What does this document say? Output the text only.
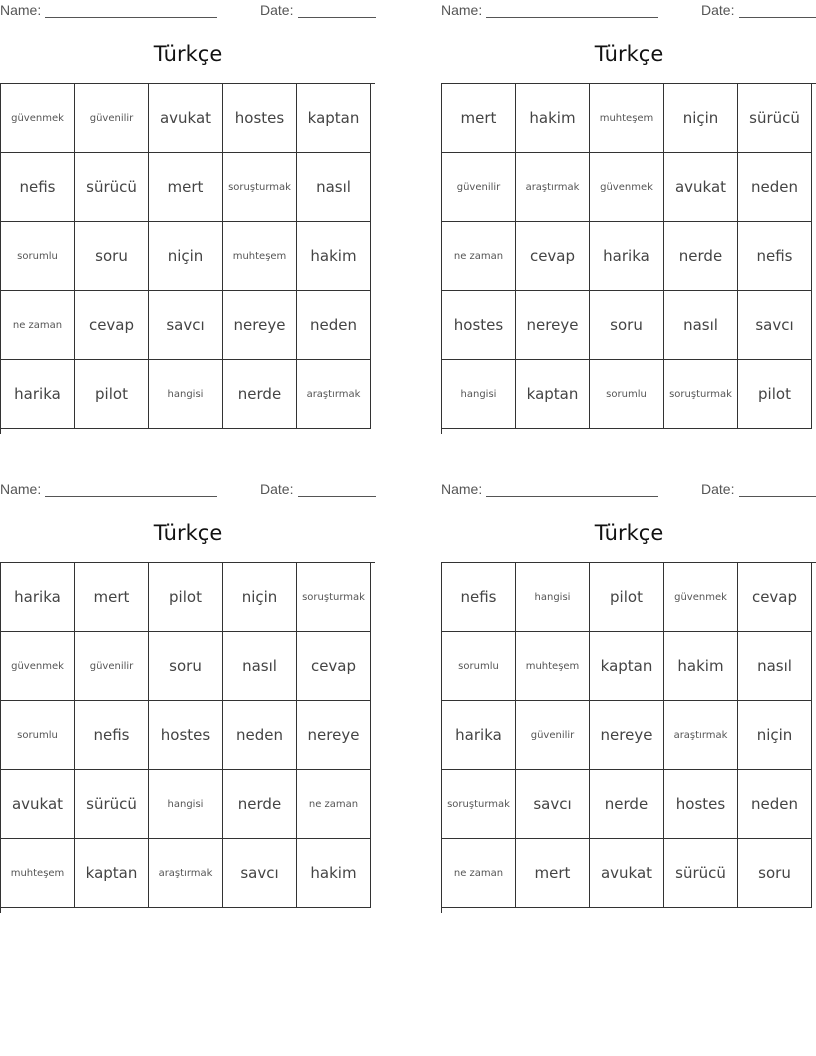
Name:	Date:
Türkçe
güvenmek	güvenilir	avukat	hostes	kaptan
nefis	sürücü	mert	soruşturmak	nasıl
sorumlu	soru	niçin	muhteşem	hakim
ne zaman	cevap	savcı	nereye	neden
harika	pilot	hangisi	nerde	araştırmak
Name:	Date:
Türkçe
mert	hakim	muhteşem	niçin	sürücü
güvenilir	araştırmak	güvenmek	avukat	neden
ne zaman	cevap	harika	nerde	nefis
hostes	nereye	soru	nasıl	savcı
hangisi	kaptan	sorumlu	soruşturmak	pilot
Name:	Date:
Türkçe
harika	mert	pilot	niçin	soruşturmak
güvenmek	güvenilir	soru	nasıl	cevap
sorumlu	nefis	hostes	neden	nereye
avukat	sürücü	hangisi	nerde	ne zaman
muhteşem	kaptan	araştırmak	savcı	hakim
Name:	Date:
Türkçe
nefis	hangisi	pilot	güvenmek	cevap
sorumlu	muhteşem	kaptan	hakim	nasıl
harika	güvenilir	nereye	araştırmak	niçin
soruşturmak	savcı	nerde	hostes	neden
ne zaman	mert	avukat	sürücü	soru
